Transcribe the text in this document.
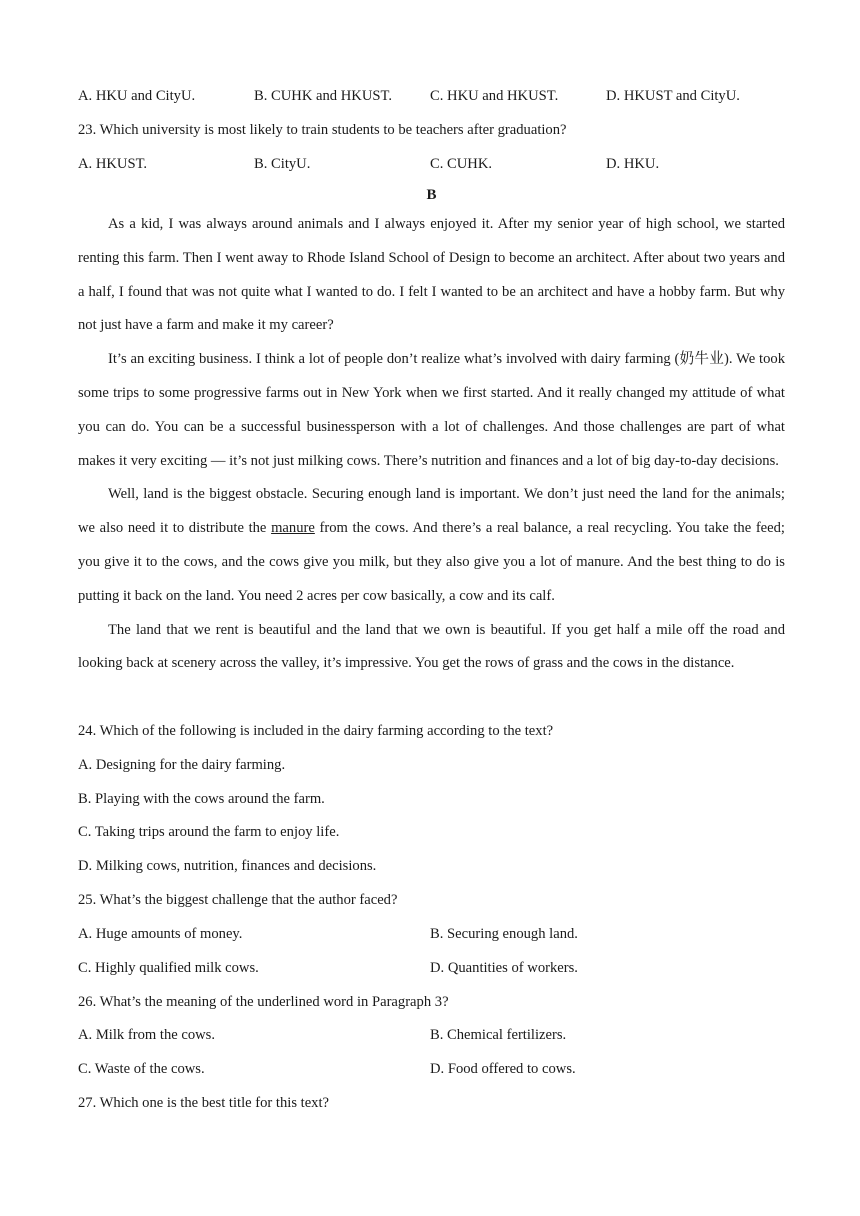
A. HKU and CityU.	B. CUHK and HKUST.	C. HKU and HKUST.	D. HKUST and CityU.
23. Which university is most likely to train students to be teachers after graduation?
A. HKUST.	B. CityU.	C. CUHK.	D. HKU.
B

As a kid, I was always around animals and I always enjoyed it. After my senior year of high school, we started renting this farm. Then I went away to Rhode Island School of Design to become an architect. After about two years and a half, I found that was not quite what I wanted to do. I felt I wanted to be an architect and have a hobby farm. But why not just have a farm and make it my career?

It’s an exciting business. I think a lot of people don’t realize what’s involved with dairy farming (奶牛业). We took some trips to some progressive farms out in New York when we first started. And it really changed my attitude of what you can do. You can be a successful businessperson with a lot of challenges. And those challenges are part of what makes it very exciting — it’s not just milking cows. There’s nutrition and finances and a lot of big day-to-day decisions.

Well, land is the biggest obstacle. Securing enough land is important. We don’t just need the land for the animals; we also need it to distribute the manure from the cows. And there’s a real balance, a real recycling. You take the feed; you give it to the cows, and the cows give you milk, but they also give you a lot of manure. And the best thing to do is putting it back on the land. You need 2 acres per cow basically, a cow and its calf.

The land that we rent is beautiful and the land that we own is beautiful. If you get half a mile off the road and looking back at scenery across the valley, it’s impressive. You get the rows of grass and the cows in the distance.

24. Which of the following is included in the dairy farming according to the text?
A. Designing for the dairy farming.
B. Playing with the cows around the farm.
C. Taking trips around the farm to enjoy life.
D. Milking cows, nutrition, finances and decisions.
25. What’s the biggest challenge that the author faced?
A. Huge amounts of money.	B. Securing enough land.
C. Highly qualified milk cows.	D. Quantities of workers.
26. What’s the meaning of the underlined word in Paragraph 3?
A. Milk from the cows.	B. Chemical fertilizers.
C. Waste of the cows.	D. Food offered to cows.
27. Which one is the best title for this text?
